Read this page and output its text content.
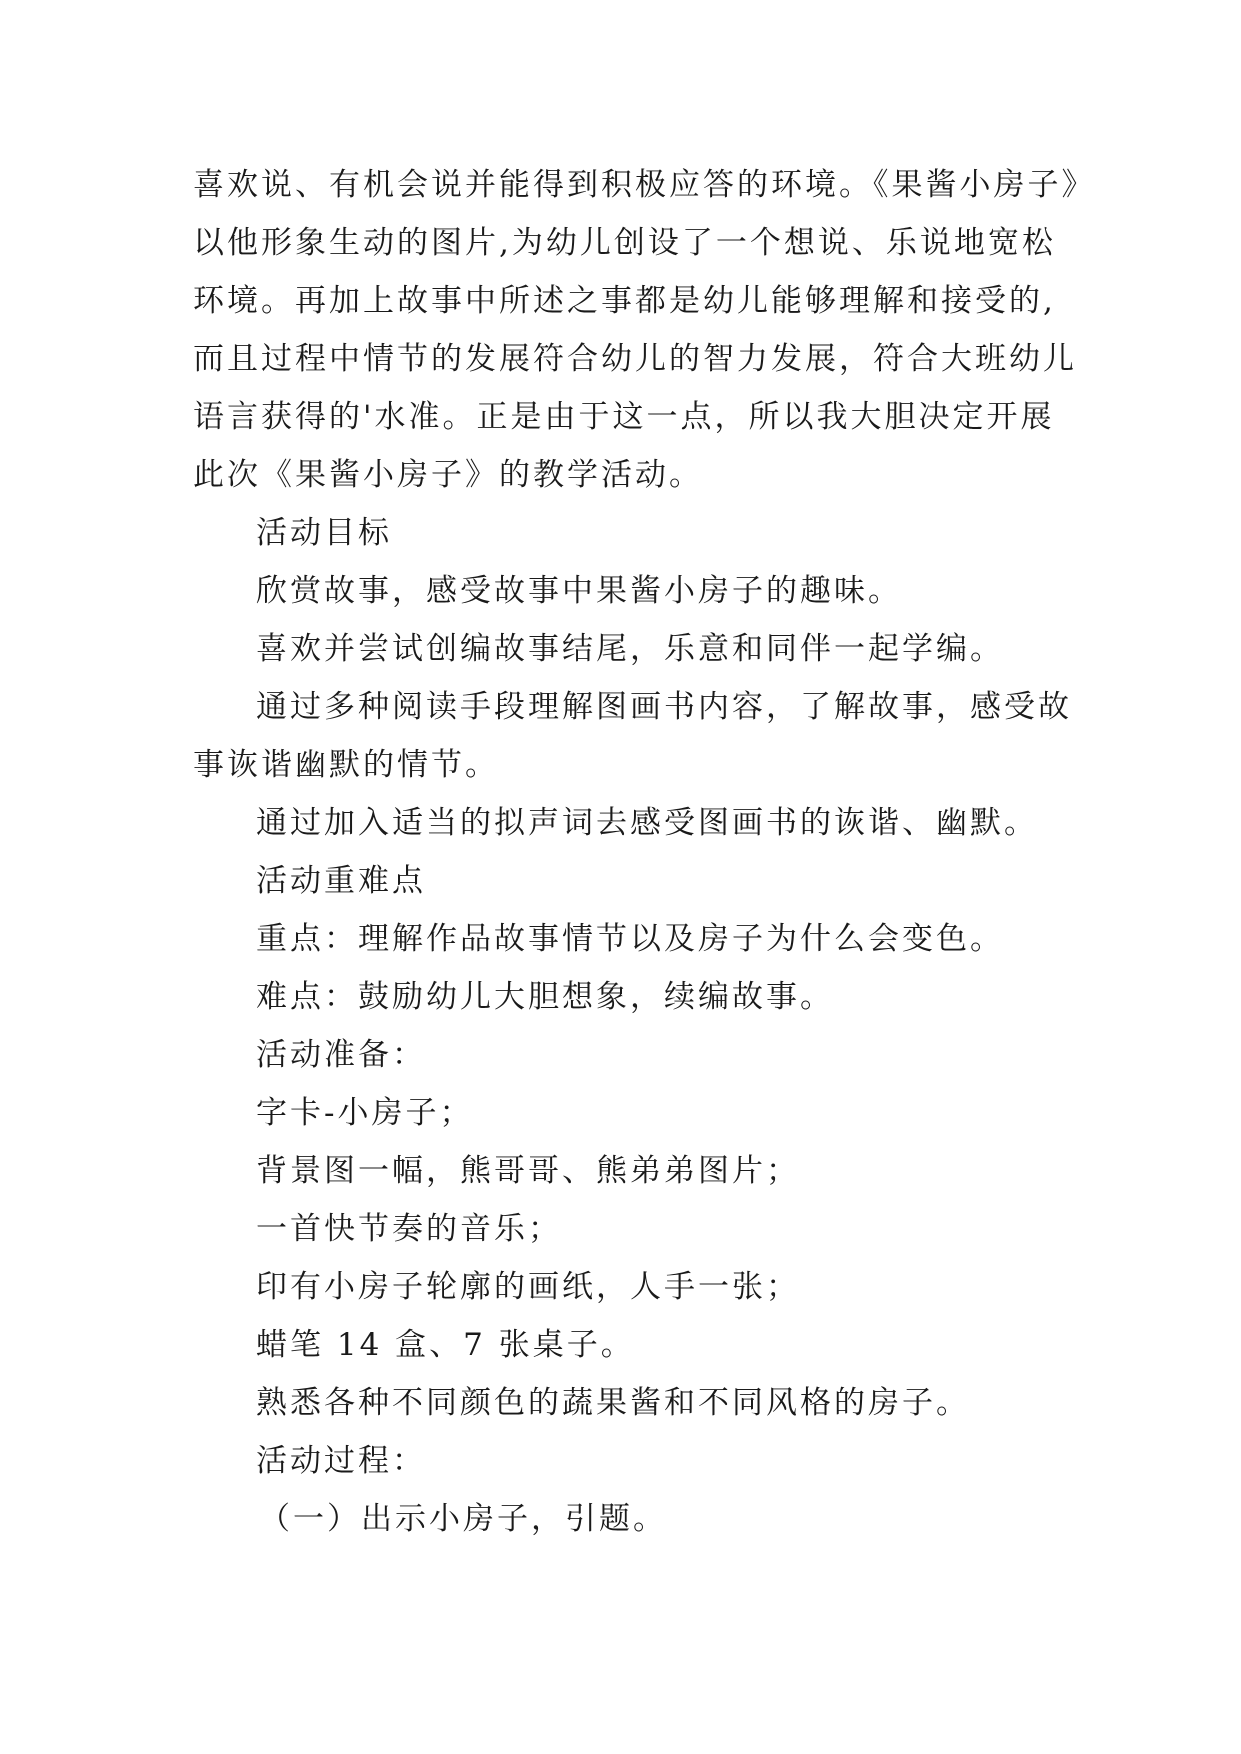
喜欢说、有机会说并能得到积极应答的环境。《果酱小房子》
以他形象生动的图片,为幼儿创设了一个想说、乐说地宽松
环境。再加上故事中所述之事都是幼儿能够理解和接受的,
而且过程中情节的发展符合幼儿的智力发展，符合大班幼儿
语言获得的'水准。正是由于这一点，所以我大胆决定开展
此次《果酱小房子》的教学活动。
活动目标
欣赏故事，感受故事中果酱小房子的趣味。
喜欢并尝试创编故事结尾，乐意和同伴一起学编。
通过多种阅读手段理解图画书内容，了解故事，感受故
事诙谐幽默的情节。
通过加入适当的拟声词去感受图画书的诙谐、幽默。
活动重难点
重点：理解作品故事情节以及房子为什么会变色。
难点：鼓励幼儿大胆想象，续编故事。
活动准备：
字卡-小房子；
背景图一幅，熊哥哥、熊弟弟图片；
一首快节奏的音乐；
印有小房子轮廓的画纸，人手一张；
蜡笔 14 盒、7 张桌子。
熟悉各种不同颜色的蔬果酱和不同风格的房子。
活动过程：
（一）出示小房子，引题。
